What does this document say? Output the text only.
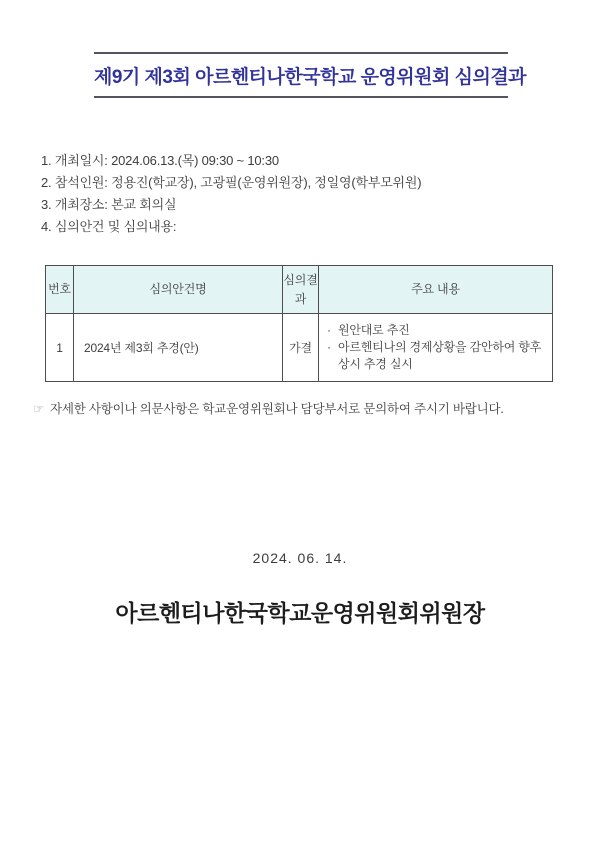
제9기 제3회 아르헨티나한국학교 운영위원회 심의결과
1. 개최일시: 2024.06.13.(목) 09:30 ~ 10:30
2. 참석인원: 정용진(학교장), 고광필(운영위원장), 정일영(학부모위원)
3. 개최장소: 본교 회의실
4. 심의안건 및 심의내용:
번호	심의안건명	심의결과	주요 내용
1	2024년 제3회 추경(안)	가결	· 원안대로 추진
· 아르헨티나의 경제상황을 감안하여 향후 상시 추경 실시
☞ 자세한 사항이나 의문사항은 학교운영위원회나 담당부서로 문의하여 주시기 바랍니다.
2024. 06. 14.
아르헨티나한국학교운영위원회위원장
